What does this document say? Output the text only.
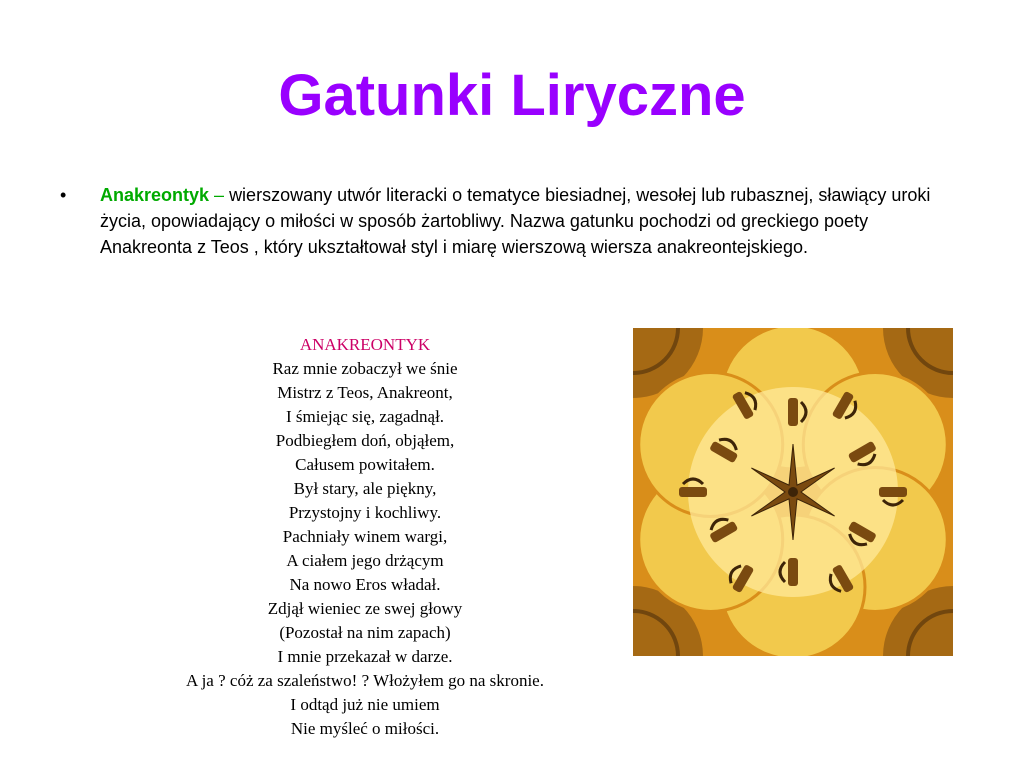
Gatunki Liryczne
•	Anakreontyk – wierszowany utwór literacki o tematyce biesiadnej, wesołej lub rubasznej, sławiący uroki życia, opowiadający o miłości w sposób żartobliwy. Nazwa gatunku pochodzi od greckiego poety Anakreonta z Teos , który ukształtował styl i miarę wierszową wiersza anakreontejskiego.
ANAKREONTYK
Raz mnie zobaczył we śnie
Mistrz z Teos, Anakreont,
I śmiejąc się, zagadnął.
Podbiegłem doń, objąłem,
Całusem powitałem.
Był stary, ale piękny,
Przystojny i kochliwy.
Pachniały winem wargi,
A ciałem jego drżącym
Na nowo Eros władał.
Zdjął wieniec ze swej głowy
(Pozostał na nim zapach)
I mnie przekazał w darze.
A ja ? cóż za szaleństwo! ? Włożyłem go na skronie.
I odtąd już nie umiem
Nie myśleć o miłości.
